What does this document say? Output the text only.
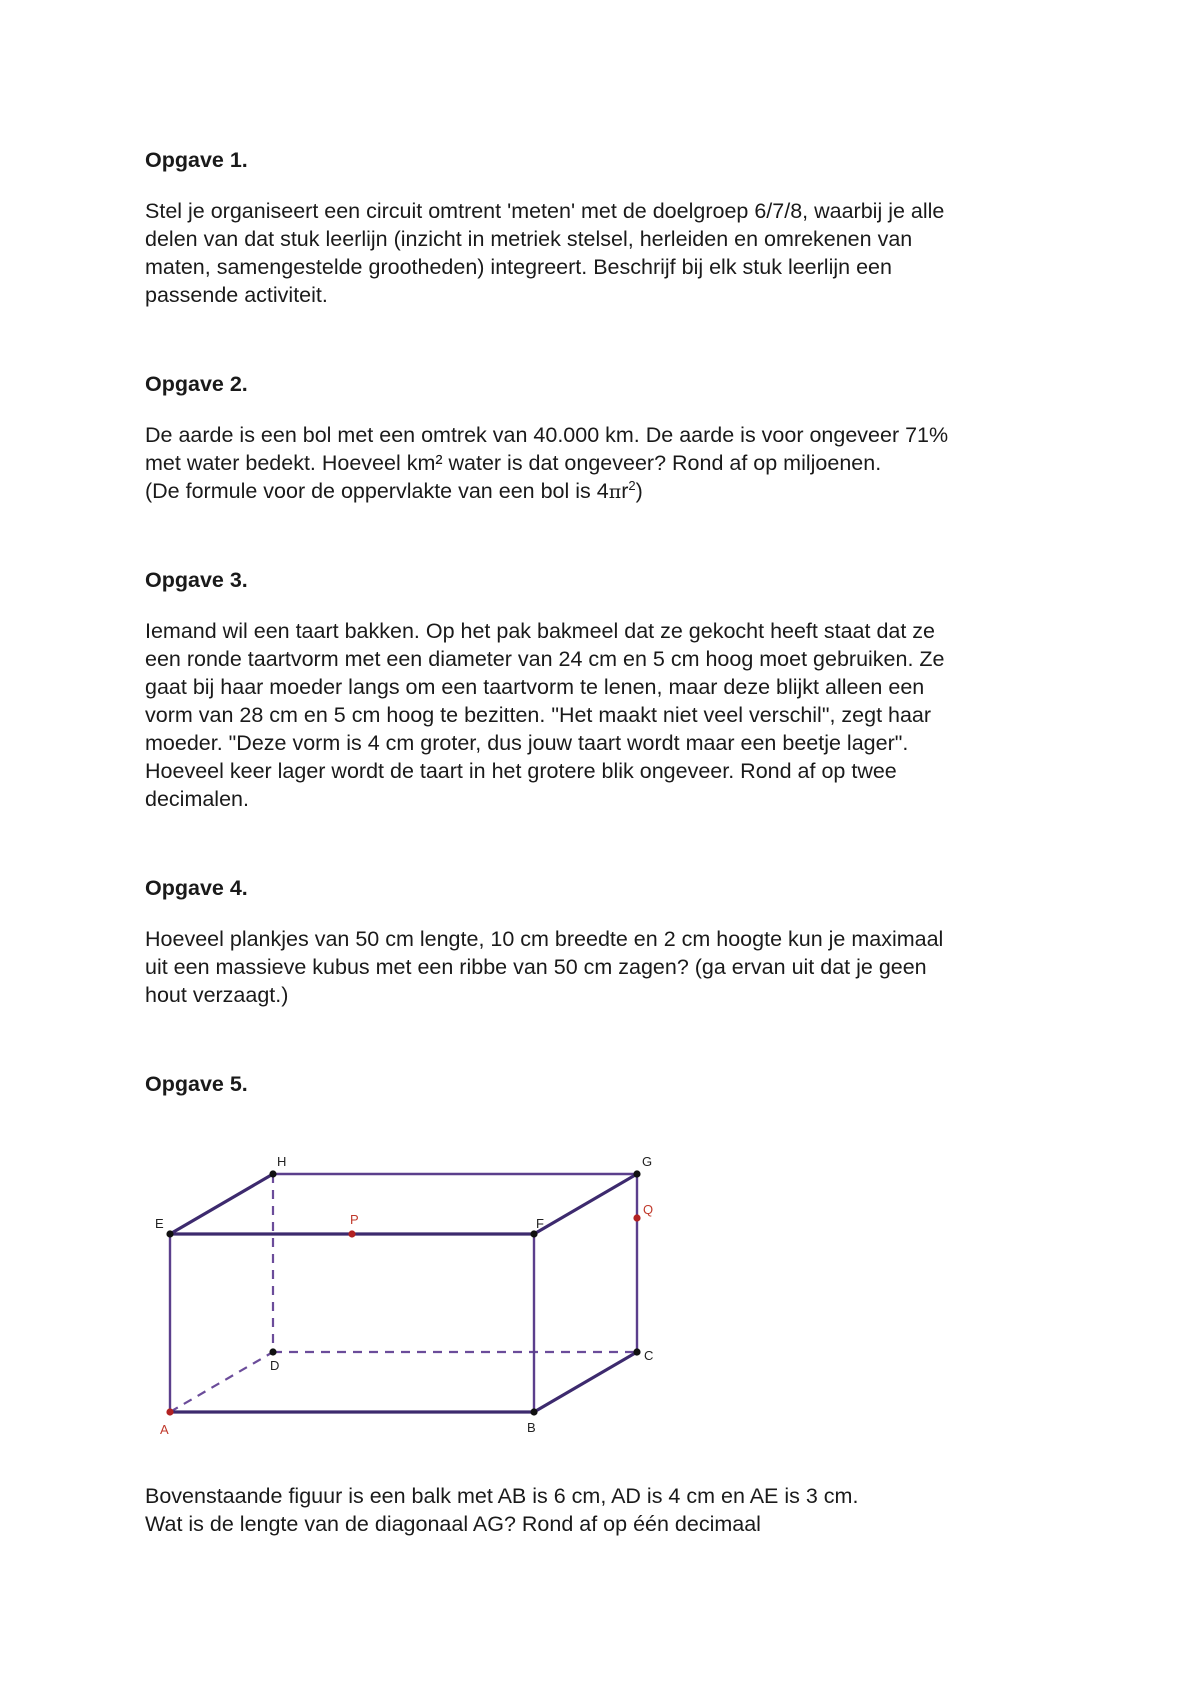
Opgave 1.

Stel je organiseert een circuit omtrent 'meten' met de doelgroep 6/7/8, waarbij je alle
delen van dat stuk leerlijn (inzicht in metriek stelsel, herleiden en omrekenen van
maten, samengestelde grootheden) integreert. Beschrijf bij elk stuk leerlijn een
passende activiteit.

Opgave 2.

De aarde is een bol met een omtrek van 40.000 km. De aarde is voor ongeveer 71%
met water bedekt. Hoeveel km² water is dat ongeveer? Rond af op miljoenen.
(De formule voor de oppervlakte van een bol is $4\pi r^2$)

Opgave 3.

Iemand wil een taart bakken. Op het pak bakmeel dat ze gekocht heeft staat dat ze
een ronde taartvorm met een diameter van 24 cm en 5 cm hoog moet gebruiken. Ze
gaat bij haar moeder langs om een taartvorm te lenen, maar deze blijkt alleen een
vorm van 28 cm en 5 cm hoog te bezitten. "Het maakt niet veel verschil", zegt haar
moeder. "Deze vorm is 4 cm groter, dus jouw taart wordt maar een beetje lager".
Hoeveel keer lager wordt de taart in het grotere blik ongeveer. Rond af op twee
decimalen.

Opgave 4.

Hoeveel plankjes van 50 cm lengte, 10 cm breedte en 2 cm hoogte kun je maximaal
uit een massieve kubus met een ribbe van 50 cm zagen? (ga ervan uit dat je geen
hout verzaagt.)

Opgave 5.

A	B
C
D
E	F
G
H
P
Q

Bovenstaande figuur is een balk met AB is 6 cm, AD is 4 cm en AE is 3 cm.
Wat is de lengte van de diagonaal AG? Rond af op één decimaal
